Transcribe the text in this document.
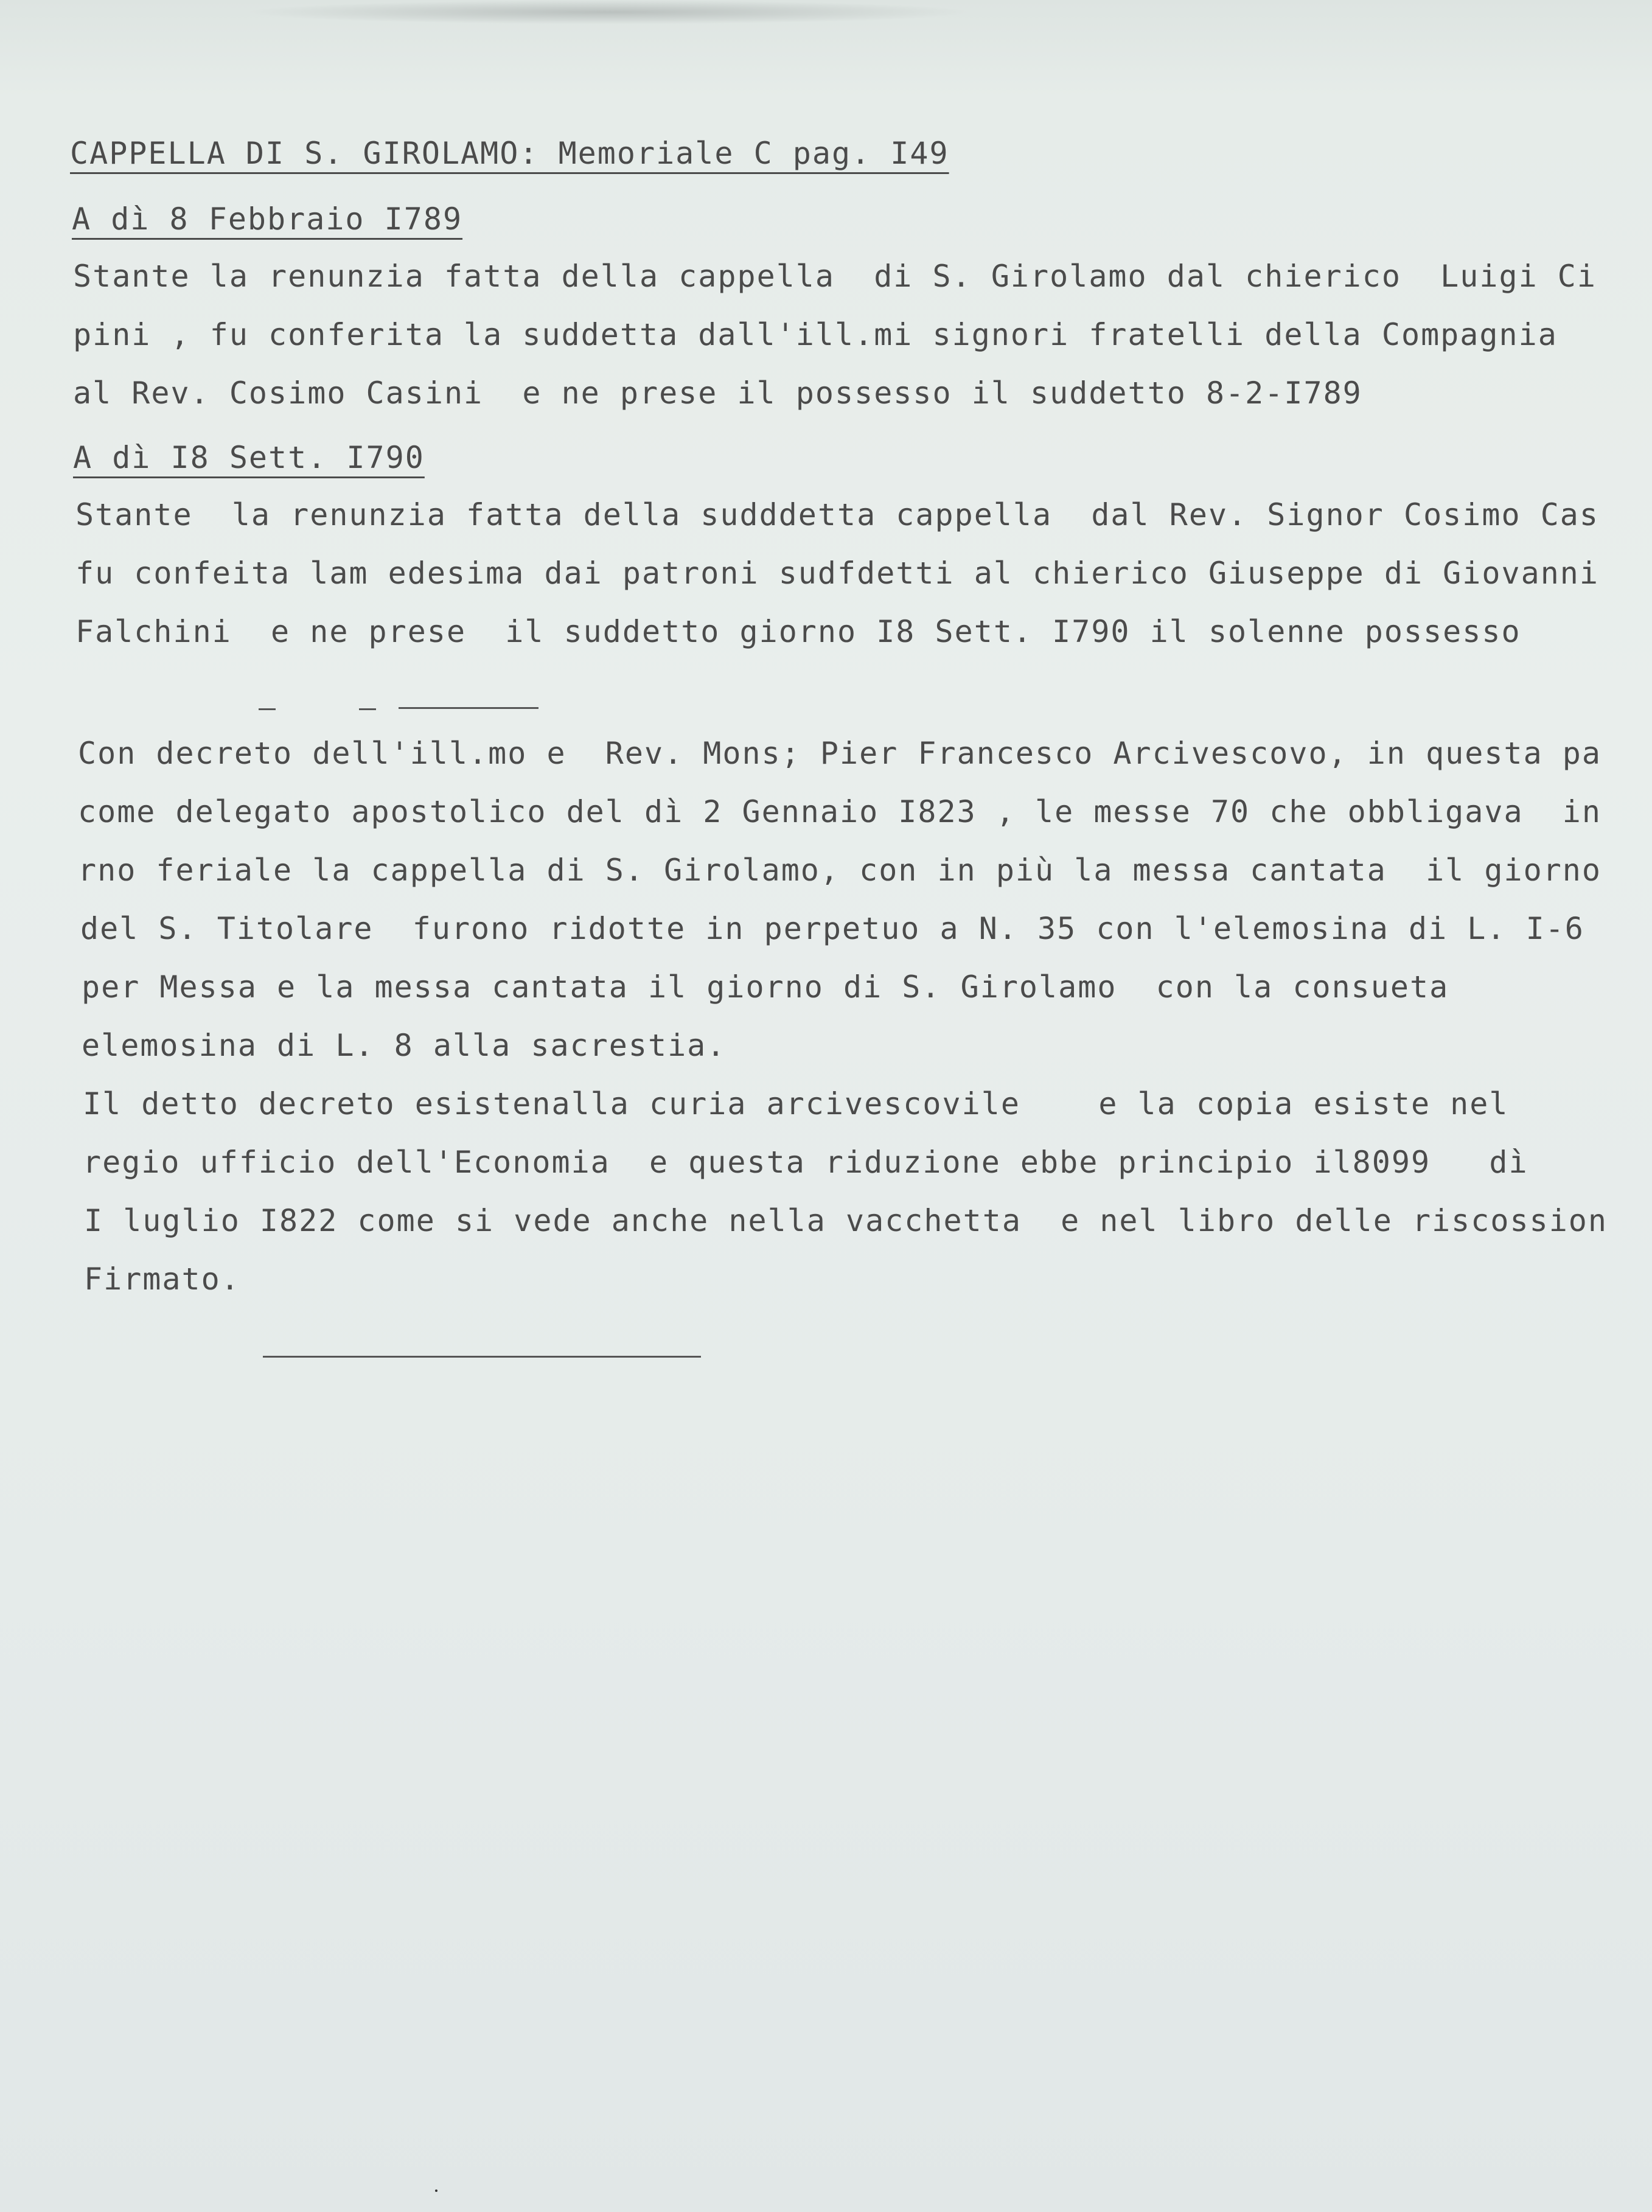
CAPPELLA DI S. GIROLAMO: Memoriale C pag. I49
A dì 8 Febbraio I789
Stante la renunzia fatta della cappella  di S. Girolamo dal chierico  Luigi Ci
pini , fu conferita la suddetta dall'ill.mi signori fratelli della Compagnia
al Rev. Cosimo Casini  e ne prese il possesso il suddetto 8-2-I789
A dì I8 Sett. I790
Stante  la renunzia fatta della sudddetta cappella  dal Rev. Signor Cosimo Cas
fu confeita lam edesima dai patroni sudfdetti al chierico Giuseppe di Giovanni
Falchini  e ne prese  il suddetto giorno I8 Sett. I790 il solenne possesso
Con decreto dell'ill.mo e  Rev. Mons; Pier Francesco Arcivescovo, in questa pa
come delegato apostolico del dì 2 Gennaio I823 , le messe 70 che obbligava  in
rno feriale la cappella di S. Girolamo, con in più la messa cantata  il giorno
del S. Titolare  furono ridotte in perpetuo a N. 35 con l'elemosina di L. I-6
per Messa e la messa cantata il giorno di S. Girolamo  con la consueta
elemosina di L. 8 alla sacrestia.
Il detto decreto esistenalla curia arcivescovile    e la copia esiste nel
regio ufficio dell'Economia  e questa riduzione ebbe principio il8099   dì
I luglio I822 come si vede anche nella vacchetta  e nel libro delle riscossion
Firmato.
